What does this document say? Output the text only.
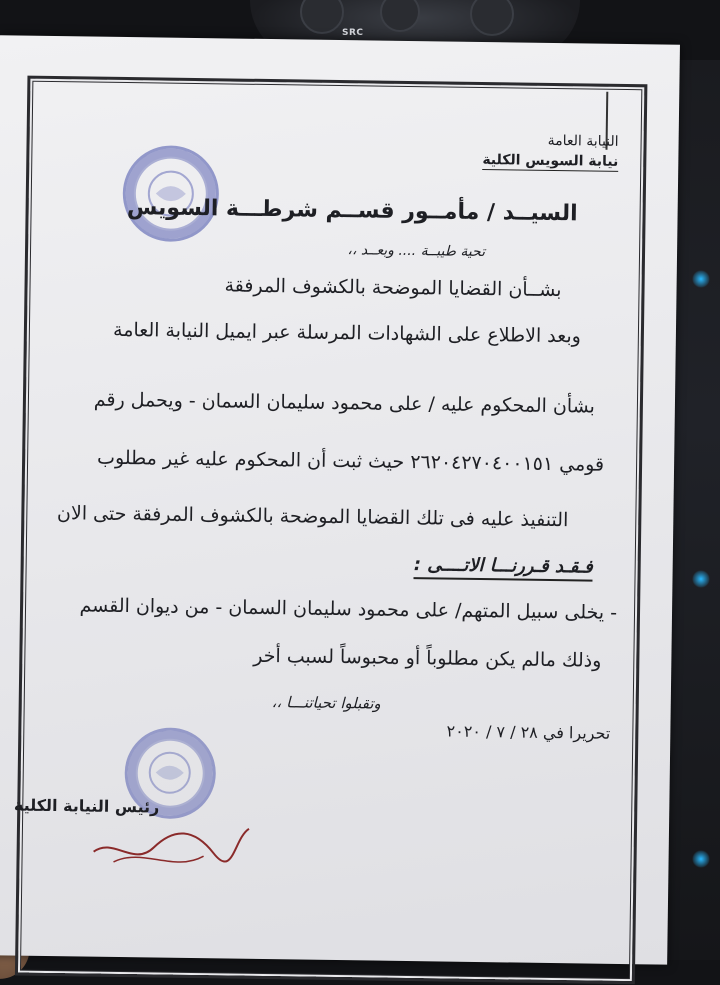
SRC
النيابة العامة
نيابة السويس الكلية
السيــد / مأمــور قســم شرطـــة السويس
تحية طيبــة .... وبعــد ،،
بشــأن القضايا الموضحة بالكشوف المرفقة
وبعد الاطلاع على الشهادات المرسلة عبر ايميل النيابة العامة
بشأن المحكوم عليه / على محمود سليمان السمان - ويحمل رقم
قومي ٢٦٢٠٤٢٧٠٤٠٠١٥١ حيث ثبت أن المحكوم عليه غير مطلوب
التنفيذ عليه فى تلك القضايا الموضحة بالكشوف المرفقة حتى الان
فـقـد قـررنـــا الاتــــى :
- يخلى سبيل المتهم/ على محمود سليمان السمان - من ديوان القسم
وذلك مالم يكن مطلوباً أو محبوساً لسبب أخر
وتقبلوا تحياتنـــا ،،
تحريرا في ٢٨ / ٧ / ٢٠٢٠
رئيس النيابة الكلية
